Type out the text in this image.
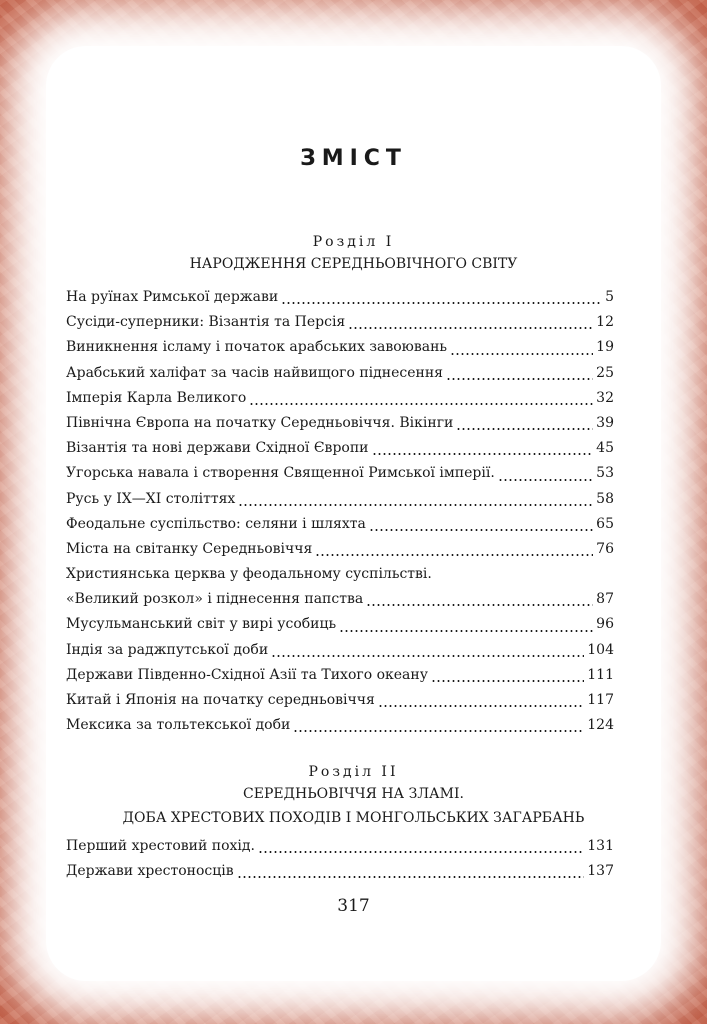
ЗМІСТ
Розділ I
НАРОДЖЕННЯ СЕРЕДНЬОВІЧНОГО СВІТУ
На руїнах Римської держави	5
Сусіди-суперники: Візантія та Персія	12
Виникнення ісламу і початок арабських завоювань	19
Арабський халіфат за часів найвищого піднесення	25
Імперія Карла Великого	32
Північна Європа на початку Середньовіччя. Вікінги	39
Візантія та нові держави Східної Європи	45
Угорська навала і створення Священної Римської імперії.	53
Русь у IX—XI століттях	58
Феодальне суспільство: селяни і шляхта	65
Міста на світанку Середньовіччя	76
Християнська церква у феодальному суспільстві.
«Великий розкол» і піднесення папства	87
Мусульманський світ у вирі усобиць	96
Індія за раджпутської доби	104
Держави Південно-Східної Азії та Тихого океану	111
Китай і Японія на початку середньовіччя	117
Мексика за тольтекської доби	124
Розділ II
СЕРЕДНЬОВІЧЧЯ НА ЗЛАМІ.
ДОБА ХРЕСТОВИХ ПОХОДІВ І МОНГОЛЬСЬКИХ ЗАГАРБАНЬ
Перший хрестовий похід.	131
Держави хрестоносців	137
317
